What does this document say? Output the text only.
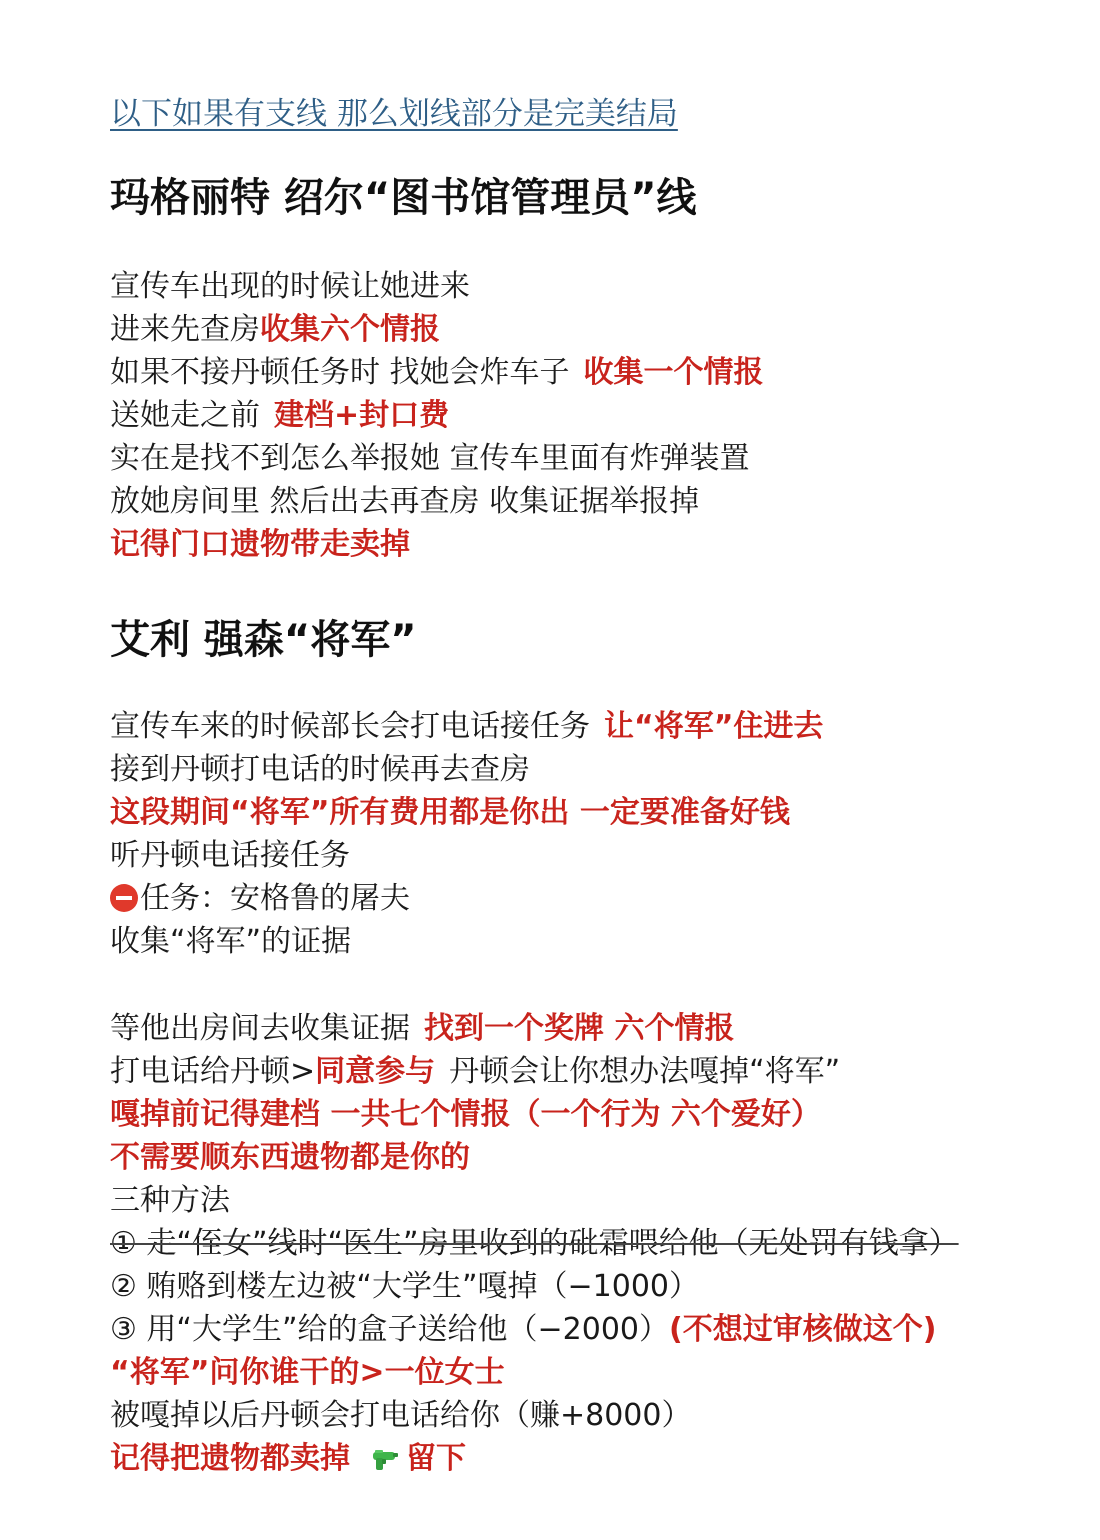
以下如果有支线 那么划线部分是完美结局
玛格丽特 绍尔“图书馆管理员”线
宣传车出现的时候让她进来
进来先查房收集六个情报
如果不接丹顿任务时 找她会炸车子 收集一个情报
送她走之前 建档+封口费
实在是找不到怎么举报她 宣传车里面有炸弹装置
放她房间里 然后出去再查房 收集证据举报掉
记得门口遗物带走卖掉
艾利 强森“将军”
宣传车来的时候部长会打电话接任务 让“将军”住进去
接到丹顿打电话的时候再去查房
这段期间“将军”所有费用都是你出 一定要准备好钱
听丹顿电话接任务
任务：安格鲁的屠夫
收集“将军”的证据
等他出房间去收集证据 找到一个奖牌 六个情报
打电话给丹顿>同意参与 丹顿会让你想办法嘎掉“将军”
嘎掉前记得建档 一共七个情报（一个行为 六个爱好）
不需要顺东西遗物都是你的
三种方法
① 走“侄女”线时“医生”房里收到的砒霜喂给他（无处罚有钱拿）
② 贿赂到楼左边被“大学生”嘎掉（−1000）
③ 用“大学生”给的盒子送给他（−2000）(不想过审核做这个)
“将军”问你谁干的>一位女士
被嘎掉以后丹顿会打电话给你（赚+8000）
记得把遗物都卖掉 留下
